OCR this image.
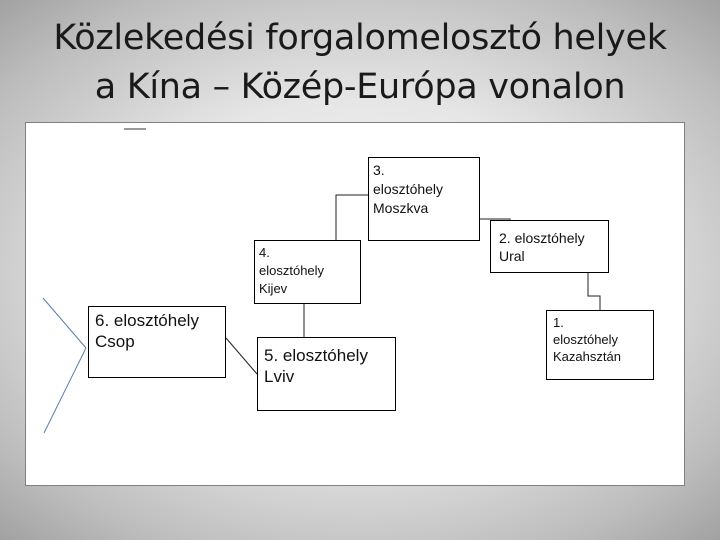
Közlekedési forgalomelosztó helyek
a Kína – Közép-Európa vonalon
3.
elosztóhely
Moszkva
2. elosztóhely
Ural
4.
elosztóhely
Kijev
6. elosztóhely
Csop
5. elosztóhely
Lviv
1.
elosztóhely
Kazahsztán
